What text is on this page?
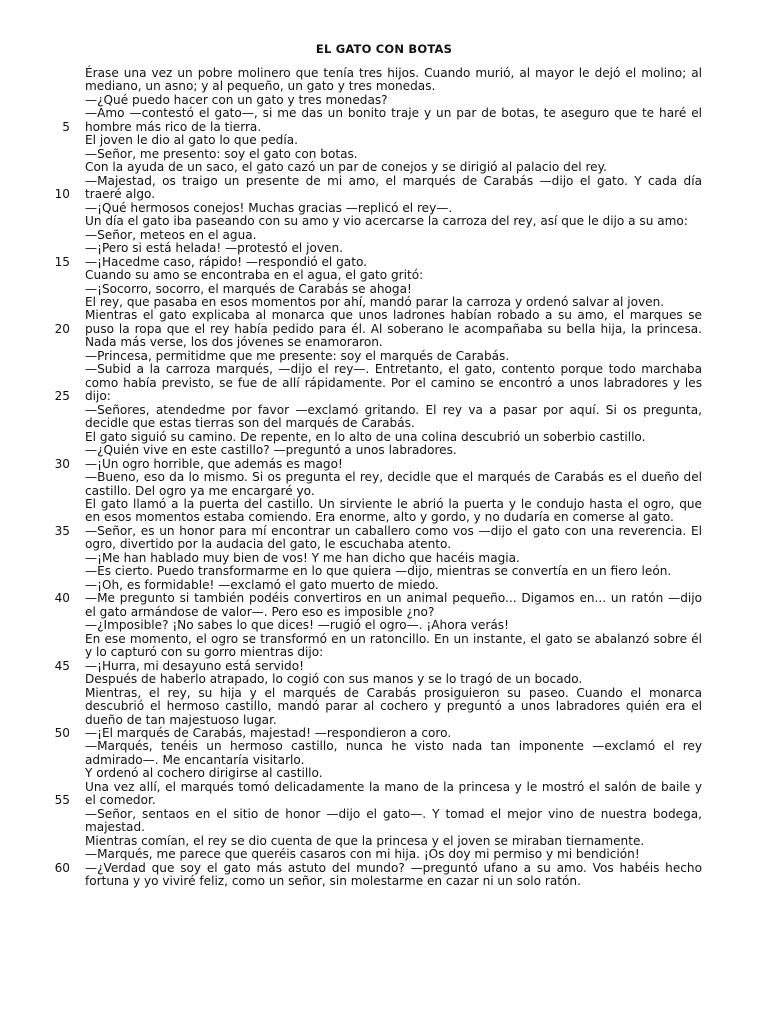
EL GATO CON BOTAS
5
10
15
20
25
30
35
40
45
50
55
60
Érase una vez un pobre molinero que tenía tres hijos. Cuando murió, al mayor le dejó el molino; al
mediano, un asno; y al pequeño, un gato y tres monedas.
—¿Qué puedo hacer con un gato y tres monedas?
—Amo —contestó el gato—, si me das un bonito traje y un par de botas, te aseguro que te haré el
hombre más rico de la tierra.
El joven le dio al gato lo que pedía.
—Señor, me presento: soy el gato con botas.
Con la ayuda de un saco, el gato cazó un par de conejos y se dirigió al palacio del rey.
—Majestad, os traigo un presente de mi amo, el marqués de Carabás —dijo el gato. Y cada día
traeré algo.
—¡Qué hermosos conejos! Muchas gracias —replicó el rey—.
Un día el gato iba paseando con su amo y vio acercarse la carroza del rey, así que le dijo a su amo:
—Señor, meteos en el agua.
—¡Pero si está helada! —protestó el joven.
—¡Hacedme caso, rápido! —respondió el gato.
Cuando su amo se encontraba en el agua, el gato gritó:
—¡Socorro, socorro, el marqués de Carabás se ahoga!
El rey, que pasaba en esos momentos por ahí, mandó parar la carroza y ordenó salvar al joven.
Mientras el gato explicaba al monarca que unos ladrones habían robado a su amo, el marques se
puso la ropa que el rey había pedido para él. Al soberano le acompañaba su bella hija, la princesa.
Nada más verse, los dos jóvenes se enamoraron.
—Princesa, permitidme que me presente: soy el marqués de Carabás.
—Subid a la carroza marqués, —dijo el rey—. Entretanto, el gato, contento porque todo marchaba
como había previsto, se fue de allí rápidamente. Por el camino se encontró a unos labradores y les
dijo:
—Señores, atendedme por favor —exclamó gritando. El rey va a pasar por aquí. Si os pregunta,
decidle que estas tierras son del marqués de Carabás.
El gato siguió su camino. De repente, en lo alto de una colina descubrió un soberbio castillo.
—¿Quién vive en este castillo? —preguntó a unos labradores.
—¡Un ogro horrible, que además es mago!
—Bueno, eso da lo mismo. Si os pregunta el rey, decidle que el marqués de Carabás es el dueño del
castillo. Del ogro ya me encargaré yo.
El gato llamó a la puerta del castillo. Un sirviente le abrió la puerta y le condujo hasta el ogro, que
en esos momentos estaba comiendo. Era enorme, alto y gordo, y no dudaría en comerse al gato.
—Señor, es un honor para mí encontrar un caballero como vos —dijo el gato con una reverencia. El
ogro, divertido por la audacia del gato, le escuchaba atento.
—¡Me han hablado muy bien de vos! Y me han dicho que hacéis magia.
—Es cierto. Puedo transformarme en lo que quiera —dijo, mientras se convertía en un fiero león.
—¡Oh, es formidable! —exclamó el gato muerto de miedo.
—Me pregunto si también podéis convertiros en un animal pequeño... Digamos en... un ratón —dijo
el gato armándose de valor—. Pero eso es imposible ¿no?
—¿Imposible? ¡No sabes lo que dices! —rugió el ogro—. ¡Ahora verás!
En ese momento, el ogro se transformó en un ratoncillo. En un instante, el gato se abalanzó sobre él
y lo capturó con su gorro mientras dijo:
—¡Hurra, mi desayuno está servido!
Después de haberlo atrapado, lo cogió con sus manos y se lo tragó de un bocado.
Mientras, el rey, su hija y el marqués de Carabás prosiguieron su paseo. Cuando el monarca
descubrió el hermoso castillo, mandó parar al cochero y preguntó a unos labradores quién era el
dueño de tan majestuoso lugar.
—¡El marqués de Carabás, majestad! —respondieron a coro.
—Marqués, tenéis un hermoso castillo, nunca he visto nada tan imponente —exclamó el rey
admirado—. Me encantaría visitarlo.
Y ordenó al cochero dirigirse al castillo.
Una vez allí, el marqués tomó delicadamente la mano de la princesa y le mostró el salón de baile y
el comedor.
—Señor, sentaos en el sitio de honor —dijo el gato—. Y tomad el mejor vino de nuestra bodega,
majestad.
Mientras comían, el rey se dio cuenta de que la princesa y el joven se miraban tiernamente.
—Marqués, me parece que queréis casaros con mi hija. ¡Os doy mi permiso y mi bendición!
—¿Verdad que soy el gato más astuto del mundo? —preguntó ufano a su amo. Vos habéis hecho
fortuna y yo viviré feliz, como un señor, sin molestarme en cazar ni un solo ratón.
